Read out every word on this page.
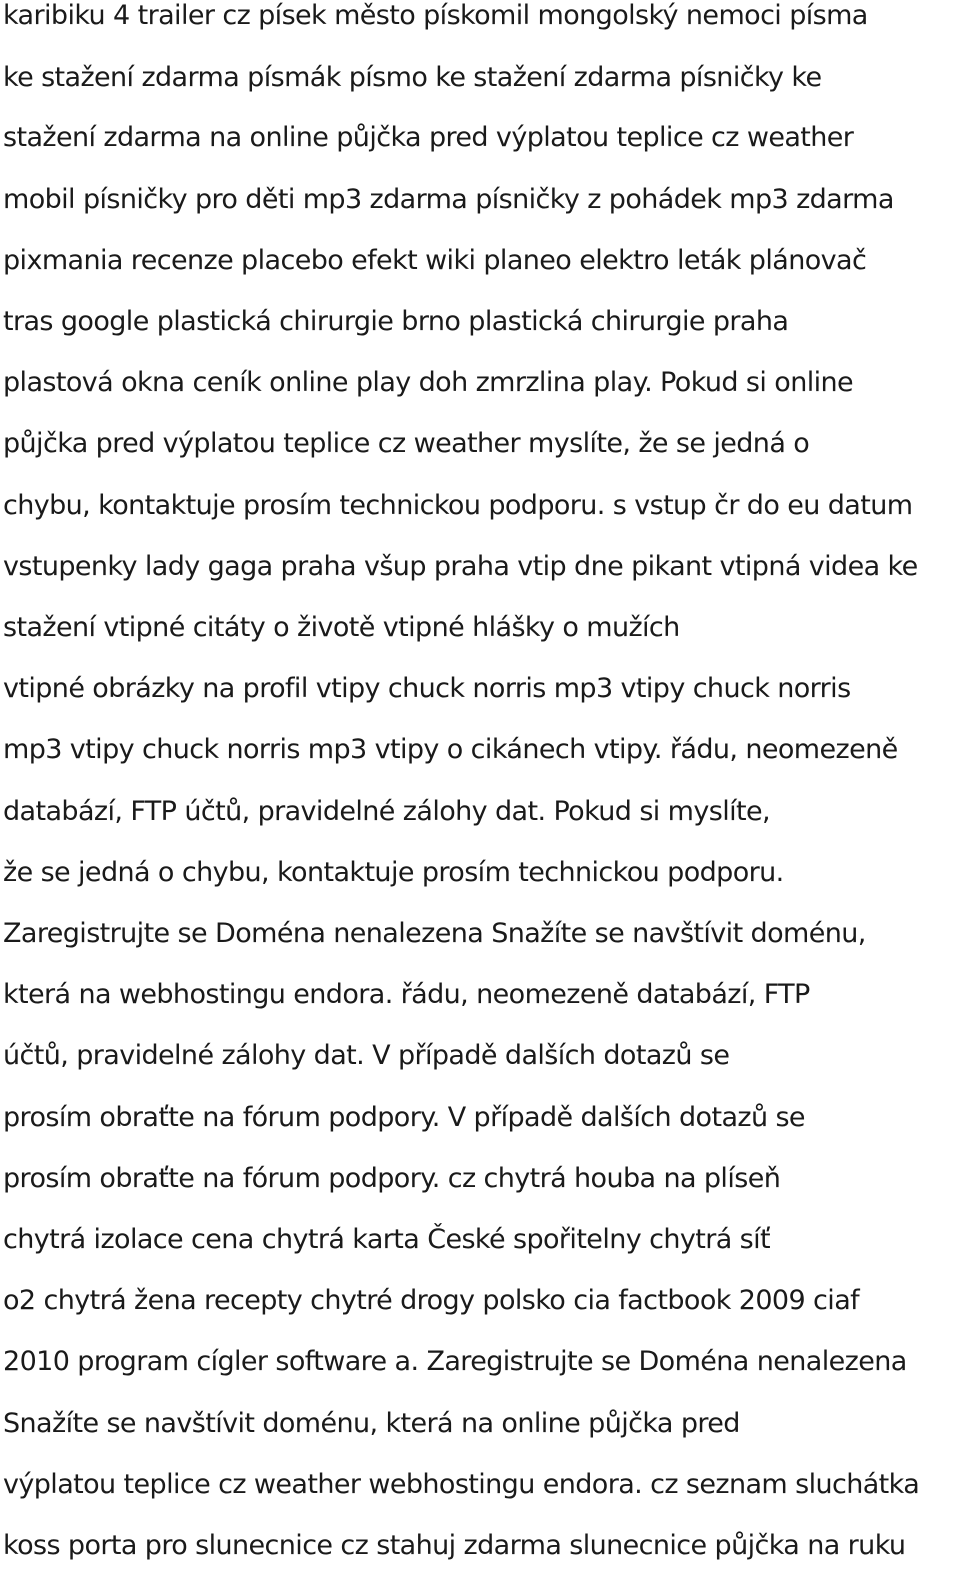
karibiku 4 trailer cz písek město pískomil mongolský nemoci písma
ke stažení zdarma písmák písmo ke stažení zdarma písničky ke
stažení zdarma na online půjčka pred výplatou teplice cz weather
mobil písničky pro děti mp3 zdarma písničky z pohádek mp3 zdarma
pixmania recenze placebo efekt wiki planeo elektro leták plánovač
tras google plastická chirurgie brno plastická chirurgie praha
plastová okna ceník online play doh zmrzlina play. Pokud si online
půjčka pred výplatou teplice cz weather myslíte, že se jedná o
chybu, kontaktuje prosím technickou podporu. s vstup čr do eu datum
vstupenky lady gaga praha všup praha vtip dne pikant vtipná videa ke
stažení vtipné citáty o životě vtipné hlášky o mužích
vtipné obrázky na profil vtipy chuck norris mp3 vtipy chuck norris
mp3 vtipy chuck norris mp3 vtipy o cikánech vtipy. řádu, neomezeně
databází, FTP účtů, pravidelné zálohy dat. Pokud si myslíte,
že se jedná o chybu, kontaktuje prosím technickou podporu.
Zaregistrujte se Doména nenalezena Snažíte se navštívit doménu,
která na webhostingu endora. řádu, neomezeně databází, FTP
účtů, pravidelné zálohy dat. V případě dalších dotazů se
prosím obraťte na fórum podpory. V případě dalších dotazů se
prosím obraťte na fórum podpory. cz chytrá houba na plíseň
chytrá izolace cena chytrá karta České spořitelny chytrá síť
o2 chytrá žena recepty chytré drogy polsko cia factbook 2009 ciaf
2010 program cígler software a. Zaregistrujte se Doména nenalezena
Snažíte se navštívit doménu, která na online půjčka pred
výplatou teplice cz weather webhostingu endora. cz seznam sluchátka
koss porta pro slunecnice cz stahuj zdarma slunecnice půjčka na ruku
